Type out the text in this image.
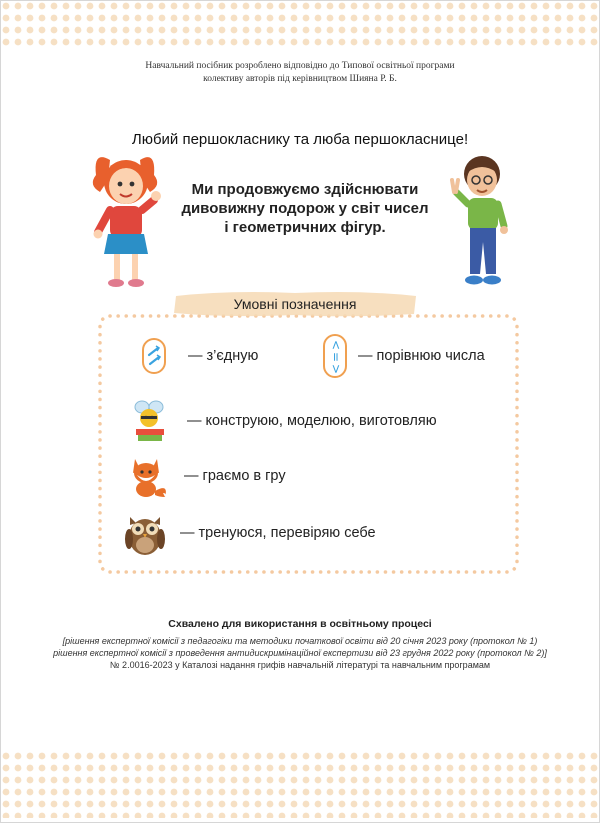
Навчальний посібник розроблено відповідно до Типової освітньої програми
колективу авторів під керівництвом Шияна Р. Б.
Любий першокласнику та люба першокласнице!
Ми продовжуємо здійснювати
дивовижну подорож у світ чисел
і геометричних фігур.
Умовні позначення
— з’єдную
<
=
>
— порівнюю числа
— конструюю, моделюю, виготовляю
— граємо в гру
— тренуюся, перевіряю себе
Схвалено для використання в освітньому процесі
[рішення експертної комісії з педагогіки та методики початкової освіти від 20 січня 2023 року (протокол № 1)
рішення експертної комісії з проведення антидискримінаційної експертизи від 23 грудня 2022 року (протокол № 2)]
№ 2.0016-2023 у Каталозі надання грифів навчальній літературі та навчальним програмам
